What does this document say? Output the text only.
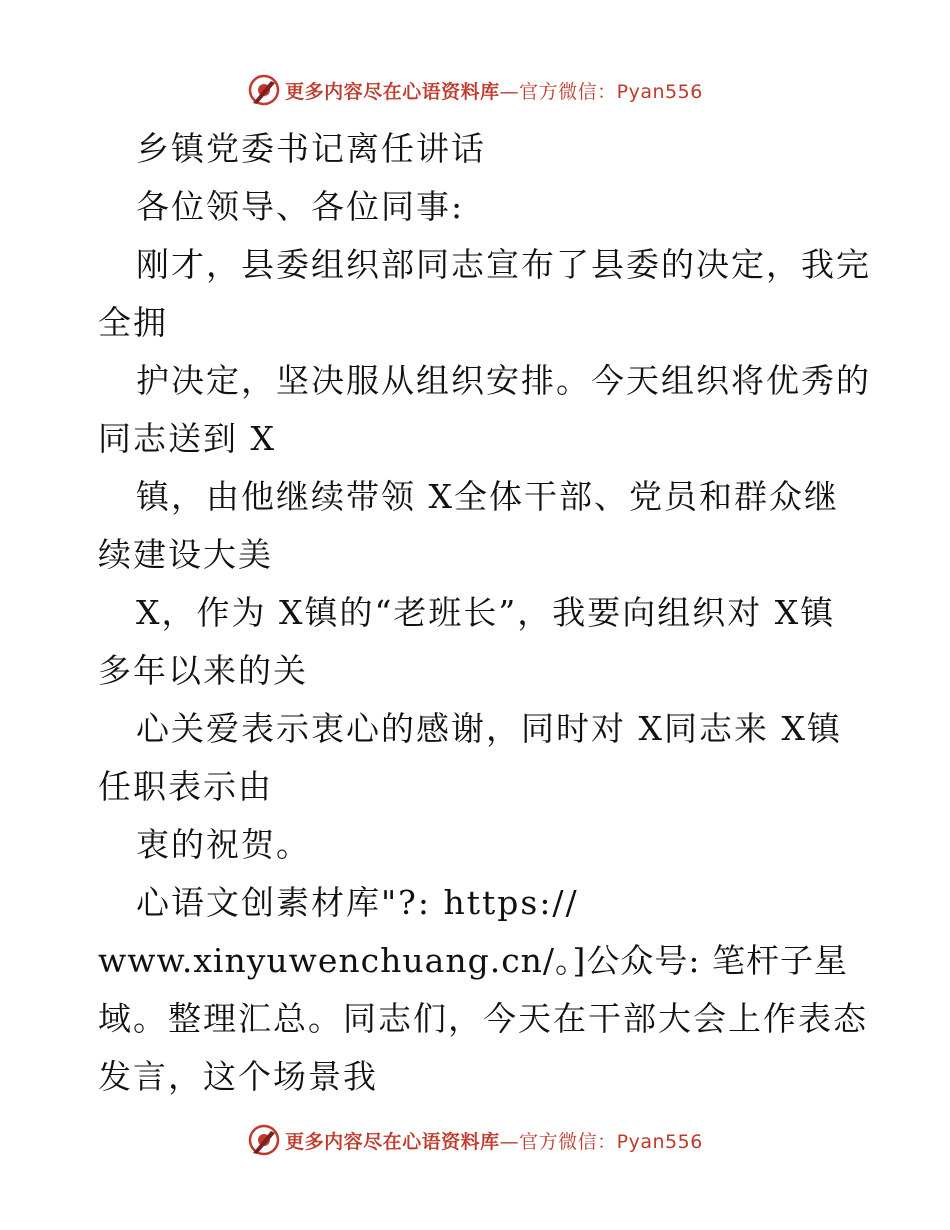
更多内容尽在心语资料库 —官方微信：Pyan556
乡镇党委书记离任讲话
各位领导、各位同事:
刚才，县委组织部同志宣布了县委的决定，我完
全拥
护决定，坚决服从组织安排。今天组织将优秀的
同志送到 X
镇，由他继续带领 X全体干部、党员和群众继
续建设大美
X，作为 X镇的“老班长”，我要向组织对 X镇
多年以来的关
心关爱表示衷心的感谢，同时对 X同志来 X镇
任职表示由
衷的祝贺。
心语文创素材库"?: https://
www.xinyuwenchuang.cn/。]公众号: 笔杆子星
域。整理汇总。同志们，今天在干部大会上作表态
发言，这个场景我
更多内容尽在心语资料库 —官方微信：Pyan556
